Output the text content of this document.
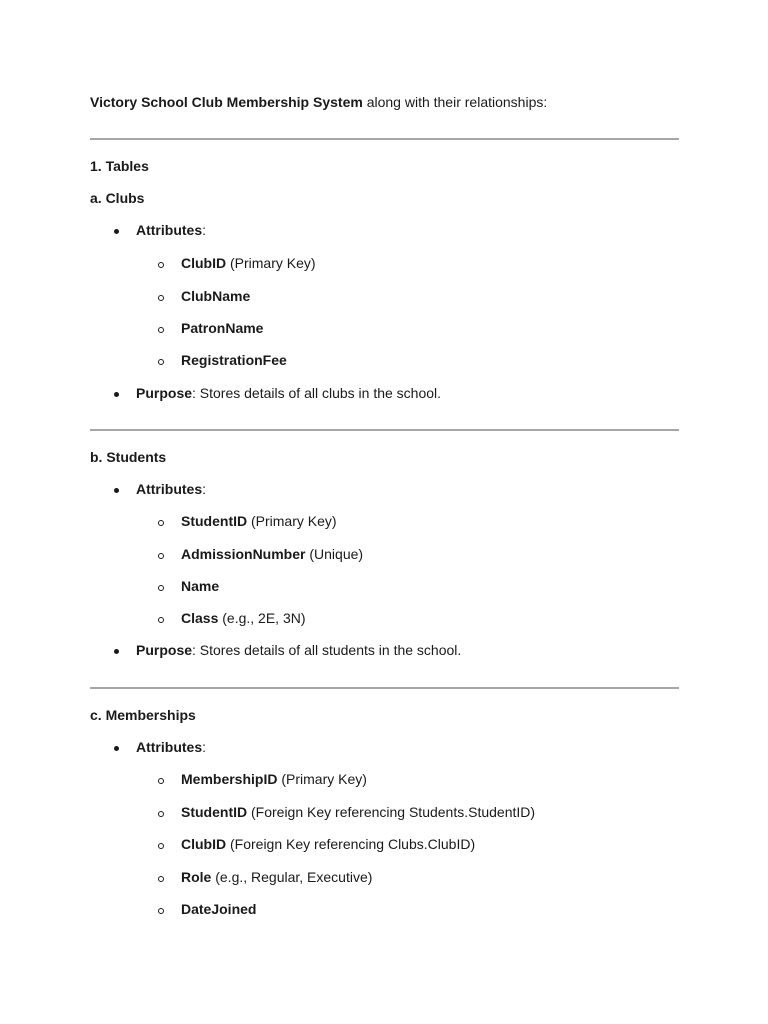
Victory School Club Membership System along with their relationships:
1. Tables
a. Clubs
Attributes:
ClubID (Primary Key)
ClubName
PatronName
RegistrationFee
Purpose: Stores details of all clubs in the school.
b. Students
Attributes:
StudentID (Primary Key)
AdmissionNumber (Unique)
Name
Class (e.g., 2E, 3N)
Purpose: Stores details of all students in the school.
c. Memberships
Attributes:
MembershipID (Primary Key)
StudentID (Foreign Key referencing Students.StudentID)
ClubID (Foreign Key referencing Clubs.ClubID)
Role (e.g., Regular, Executive)
DateJoined
